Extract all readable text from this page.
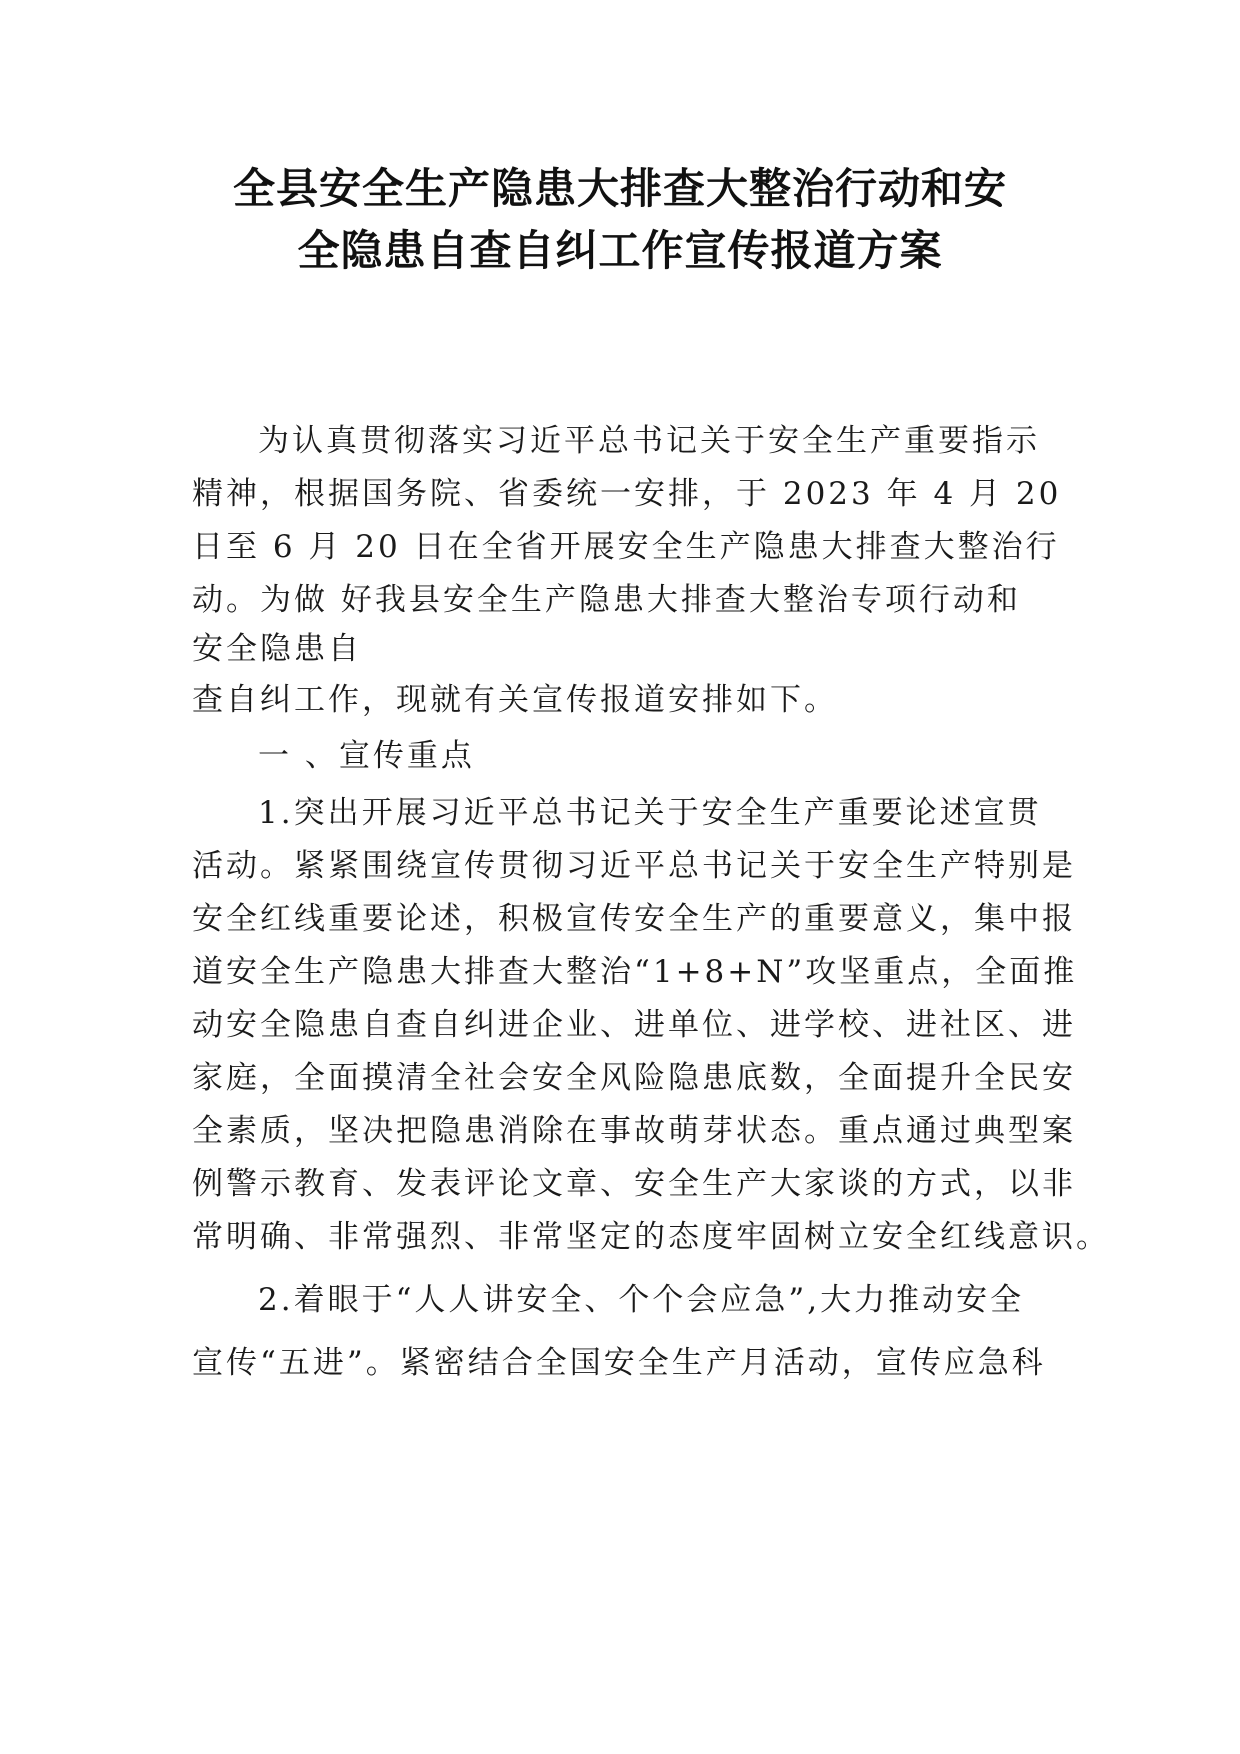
全县安全生产隐患大排查大整治行动和安
全隐患自查自纠工作宣传报道方案
为认真贯彻落实习近平总书记关于安全生产重要指示
精神，根据国务院、省委统一安排，于 2023 年 4 月 20
日至 6 月 20 日在全省开展安全生产隐患大排查大整治行
动。为做 好我县安全生产隐患大排查大整治专项行动和
安全隐患自
查自纠工作，现就有关宣传报道安排如下。
一 、宣传重点
1.突出开展习近平总书记关于安全生产重要论述宣贯
活动。紧紧围绕宣传贯彻习近平总书记关于安全生产特别是
安全红线重要论述，积极宣传安全生产的重要意义，集中报
道安全生产隐患大排查大整治“1+8+N”攻坚重点，全面推
动安全隐患自查自纠进企业、进单位、进学校、进社区、进
家庭，全面摸清全社会安全风险隐患底数，全面提升全民安
全素质，坚决把隐患消除在事故萌芽状态。重点通过典型案
例警示教育、发表评论文章、安全生产大家谈的方式，以非
常明确、非常强烈、非常坚定的态度牢固树立安全红线意识。
2.着眼于“人人讲安全、个个会应急”,大力推动安全
宣传“五进”。紧密结合全国安全生产月活动，宣传应急科
